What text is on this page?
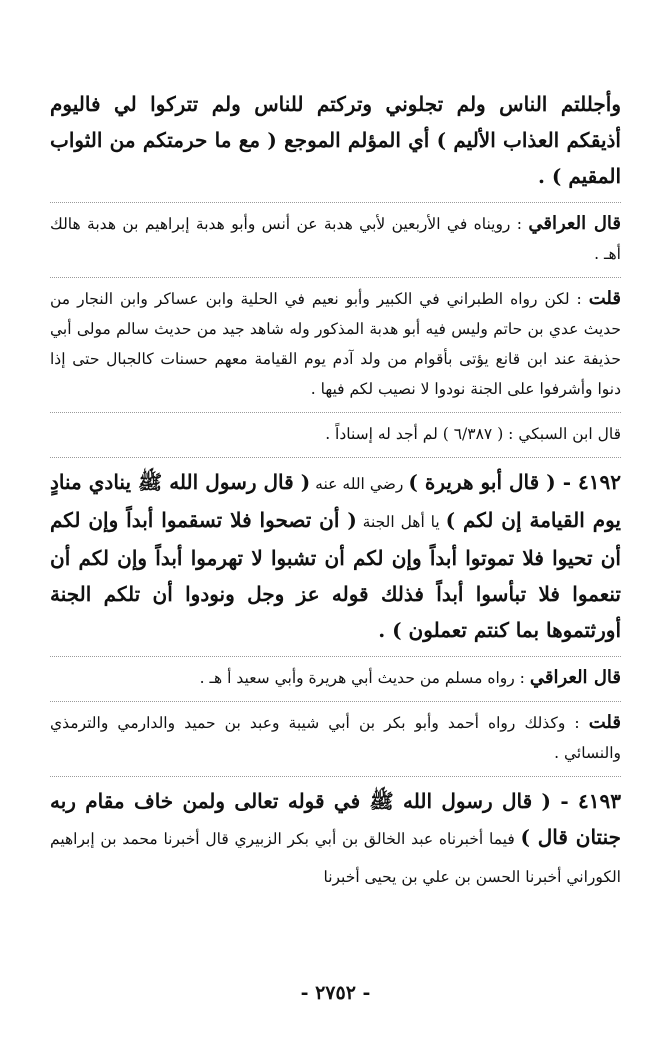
وأجللتم الناس ولم تجلوني وتركتم للناس ولم تتركوا لي فاليوم أذيقكم العذاب الأليم ) أي المؤلم الموجع ( مع ما حرمتكم من الثواب المقيم ) .

قال العراقي : رويناه في الأربعين لأبي هدبة عن أنس وأبو هدبة إبراهيم بن هدبة هالك أهـ .

قلت : لكن رواه الطبراني في الكبير وأبو نعيم في الحلية وابن عساكر وابن النجار من حديث عدي بن حاتم وليس فيه أبو هدبة المذكور وله شاهد جيد من حديث سالم مولى أبي حذيفة عند ابن قانع يؤتى بأقوام من ولد آدم يوم القيامة معهم حسنات كالجبال حتى إذا دنوا وأشرفوا على الجنة نودوا لا نصيب لكم فيها .

قال ابن السبكي : ( ٦/٣٨٧ ) لم أجد له إسناداً .

٤١٩٢ - ( قال أبو هريرة ) رضي الله عنه ( قال رسول الله ﷺ ينادي منادٍ يوم القيامة إن لكم ) يا أهل الجنة ( أن تصحوا فلا تسقموا أبداً وإن لكم أن تحيوا فلا تموتوا أبداً وإن لكم أن تشبوا لا تهرموا أبداً وإن لكم أن تنعموا فلا تبأسوا أبداً فذلك قوله عز وجل ونودوا أن تلكم الجنة أورثتموها بما كنتم تعملون ) .

قال العراقي : رواه مسلم من حديث أبي هريرة وأبي سعيد أ هـ .

قلت : وكذلك رواه أحمد وأبو بكر بن أبي شيبة وعبد بن حميد والدارمي والترمذي والنسائي .

٤١٩٣ - ( قال رسول الله ﷺ في قوله تعالى ولمن خاف مقام ربه جنتان قال ) فيما أخبرناه عبد الخالق بن أبي بكر الزبيري قال أخبرنا محمد بن إبراهيم الكوراني أخبرنا الحسن بن علي بن يحيى أخبرنا

- ٢٧٥٢ -
